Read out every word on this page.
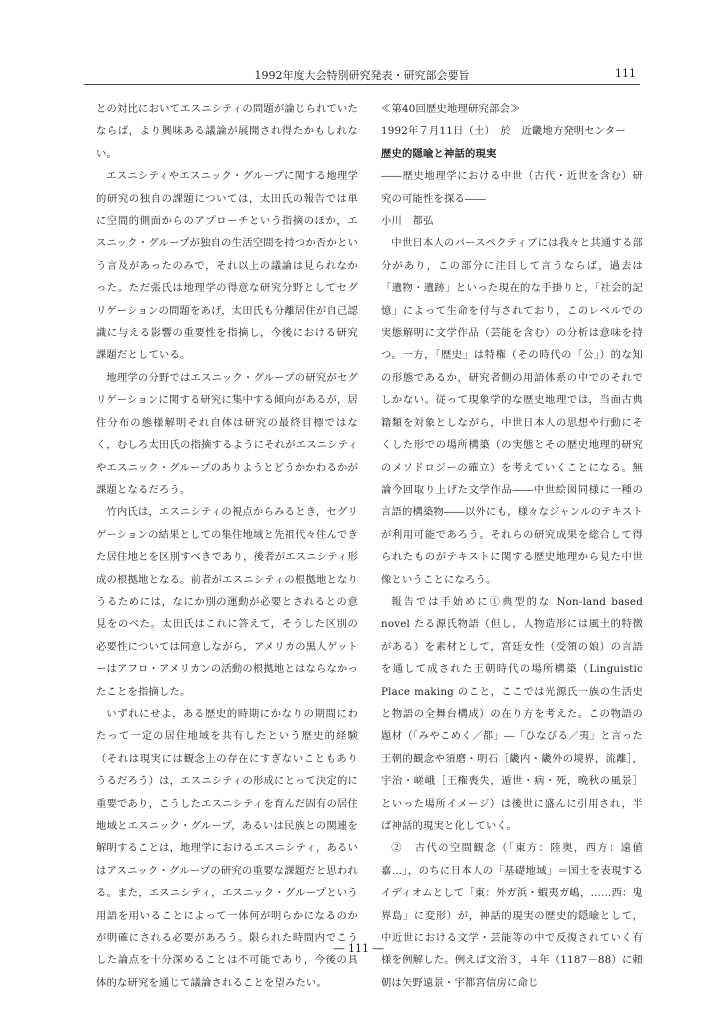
1992年度大会特別研究発表・研究部会要旨	111

との対比においてエスニシティの問題が論じられていたならば，より興味ある議論が展開され得たかもしれない。

エスニシティやエスニック・グループに関する地理学的研究の独自の課題については，太田氏の報告では単に空間的側面からのアプローチという指摘のほか，エスニック・グループが独自の生活空間を持つか否かという言及があったのみで，それ以上の議論は見られなかった。ただ張氏は地理学の得意な研究分野としてセグリゲーションの問題をあげ，太田氏も分離居住が自己認識に与える影響の重要性を指摘し，今後における研究課題だとしている。

地理学の分野ではエスニック・グループの研究がセグリゲーションに関する研究に集中する傾向があるが，居住分布の態様解明それ自体は研究の最終目標ではなく，むしろ太田氏の指摘するようにそれがエスニシティやエスニック・グループのありようとどうかかわるかが課題となるだろう。

竹内氏は，エスニシティの視点からみるとき，セグリゲーションの結果としての集住地域と先祖代々住んできた居住地とを区別すべきであり，後者がエスニシティ形成の根拠地となる。前者がエスニシティの根拠地となりうるためには，なにか別の運動が必要とされるとの意見をのべた。太田氏はこれに答えて，そうした区別の必要性については同意しながら，アメリカの黒人ゲットーはアフロ・アメリカンの活動の根拠地とはならなかったことを指摘した。

いずれにせよ，ある歴史的時期にかなりの期間にわたって一定の居住地域を共有したという歴史的経験（それは現実には観念上の存在にすぎないこともありうるだろう）は，エスニシティの形成にとって決定的に重要であり，こうしたエスニシティを育んだ固有の居住地域とエスニック・グループ，あるいは民族との関連を解明することは，地理学におけるエスニシティ，あるいはアスニック・グループの研究の重要な課題だと思われる。また，エスニシティ，エスニック・グループという用語を用いることによって一体何が明らかになるのかが明確にされる必要があろう。限られた時間内でこうした論点を十分深めることは不可能であり，今後の具体的な研究を通じて議論されることを望みたい。

≪第40回歴史地理研究部会≫

1992年７月11日（土）　於　近畿地方発明センター

歴史的隠喩と神話的現実

――歴史地理学における中世（古代・近世を含む）研究の可能性を探る――

小川　都弘

中世日本人のパースペクティブには我々と共通する部分があり，この部分に注目して言うならば，過去は「遺物・遺跡」といった現在的な手掛りと，「社会的記憶」によって生命を付与されており，このレベルでの実態解明に文学作品（芸能を含む）の分析は意味を持つ。一方，「歴史」は特権（その時代の「公」）的な知の形態であるか，研究者側の用語体系の中でのそれでしかない。従って現象学的な歴史地理では，当面古典籍類を対象としながら，中世日本人の思想や行動にそくした形での場所構築（の実態とその歴史地理的研究のメソドロジーの確立）を考えていくことになる。無論今回取り上げた文学作品――中世絵図同様に一種の言語的構築物――以外にも，様々なジャンルのテキストが利用可能であろう。それらの研究成果を総合して得られたものがテキストに関する歴史地理から見た中世像ということになろう。

報告では手始めに①典型的な Non-land based novel たる源氏物語（但し，人物造形には風土的特徴がある）を素材として，宮廷女性（受領の娘）の言語を通して成された王朝時代の場所構築（Linguistic Place making のこと，ここでは光源氏一族の生活史と物語の全舞台構成）の在り方を考えた。この物語の題材（「みやこめく／都」―「ひなびる／夷」と言った王朝的観念や須磨・明石［畿内・畿外の境界，流離］，宇治・嵯峨［王権喪失，遁世・病・死，晩秋の風景］といった場所イメージ）は後世に盛んに引用され，半ば神話的現実と化していく。

②　古代の空間観念（「東方：陸奥，西方：遠値嘉…」，のちに日本人の「基礎地域」＝国土を表現するイディオムとして「東：外ガ浜・蝦夷ガ嶋，……西：鬼界島」に変形）が，神話的現実の歴史的隠喩として，中近世における文学・芸能等の中で反復されていく有様を例解した。例えば文治３，４年（1187－88）に頼朝は矢野遠景・宇都宮信房に命じ

― 111 ―
